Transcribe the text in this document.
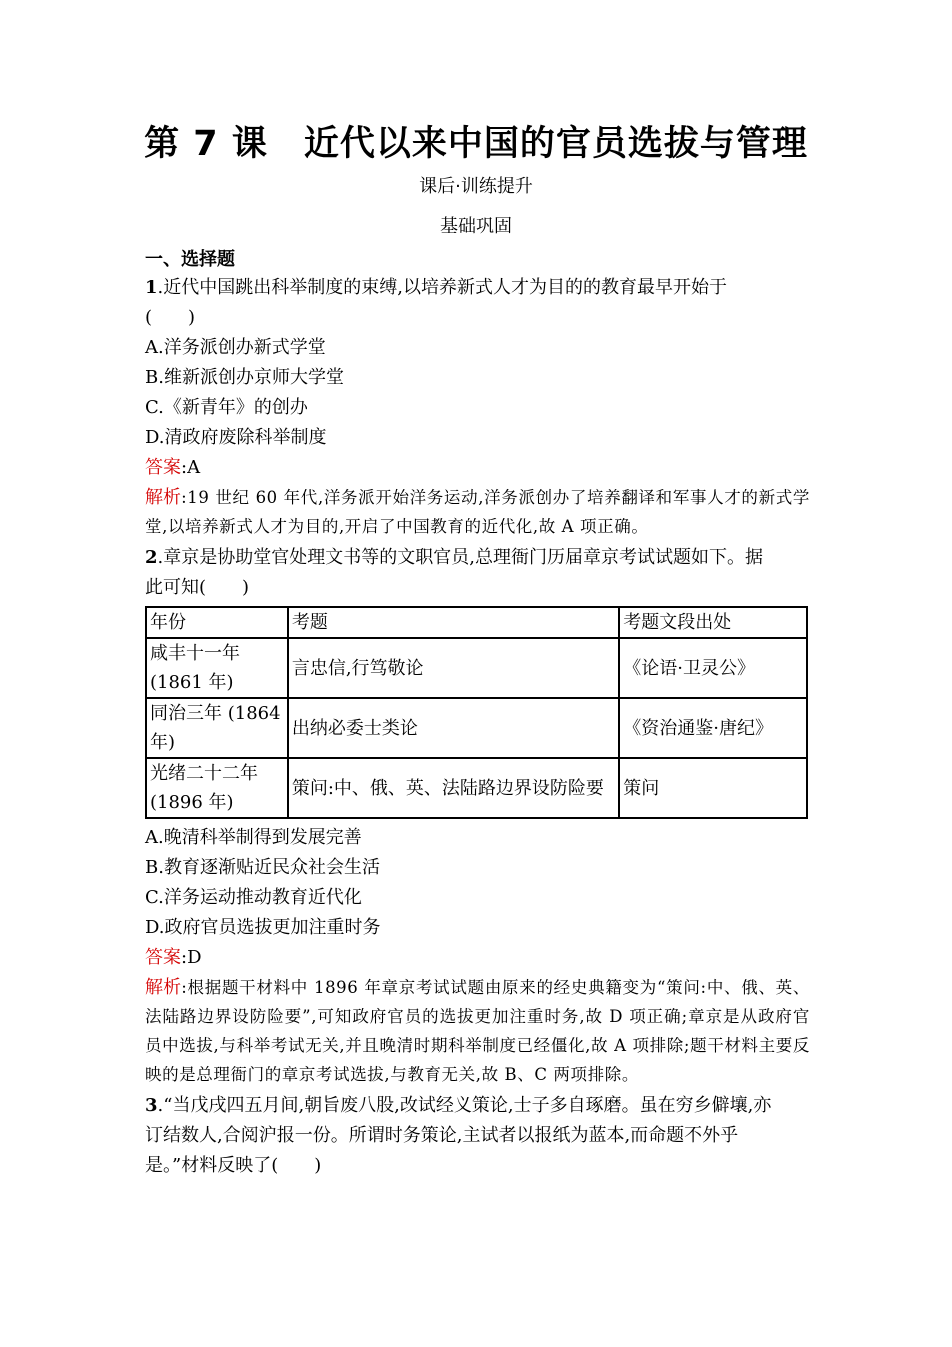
第 7 课　近代以来中国的官员选拔与管理
课后·训练提升
基础巩固
一、选择题
1.近代中国跳出科举制度的束缚,以培养新式人才为目的的教育最早开始于
(　　)
A.洋务派创办新式学堂
B.维新派创办京师大学堂
C.《新青年》的创办
D.清政府废除科举制度
答案:A
解析:19 世纪 60 年代,洋务派开始洋务运动,洋务派创办了培养翻译和军事人才的新式学堂,以培养新式人才为目的,开启了中国教育的近代化,故 A 项正确。
2.章京是协助堂官处理文书等的文职官员,总理衙门历届章京考试试题如下。据
此可知(　　)
年份	考题	考题文段出处
咸丰十一年 (1861 年)	言忠信,行笃敬论	《论语·卫灵公》
同治三年 (1864 年)	出纳必委士类论	《资治通鉴·唐纪》
光绪二十二年 (1896 年)	策问:中、俄、英、法陆路边界设防险要	策问
A.晚清科举制得到发展完善
B.教育逐渐贴近民众社会生活
C.洋务运动推动教育近代化
D.政府官员选拔更加注重时务
答案:D
解析:根据题干材料中 1896 年章京考试试题由原来的经史典籍变为“策问:中、俄、英、法陆路边界设防险要”,可知政府官员的选拔更加注重时务,故 D 项正确;章京是从政府官员中选拔,与科举考试无关,并且晚清时期科举制度已经僵化,故 A 项排除;题干材料主要反映的是总理衙门的章京考试选拔,与教育无关,故 B、C 两项排除。
3.“当戊戌四五月间,朝旨废八股,改试经义策论,士子多自琢磨。虽在穷乡僻壤,亦
订结数人,合阅沪报一份。所谓时务策论,主试者以报纸为蓝本,而命题不外乎
是。”材料反映了(　　)
